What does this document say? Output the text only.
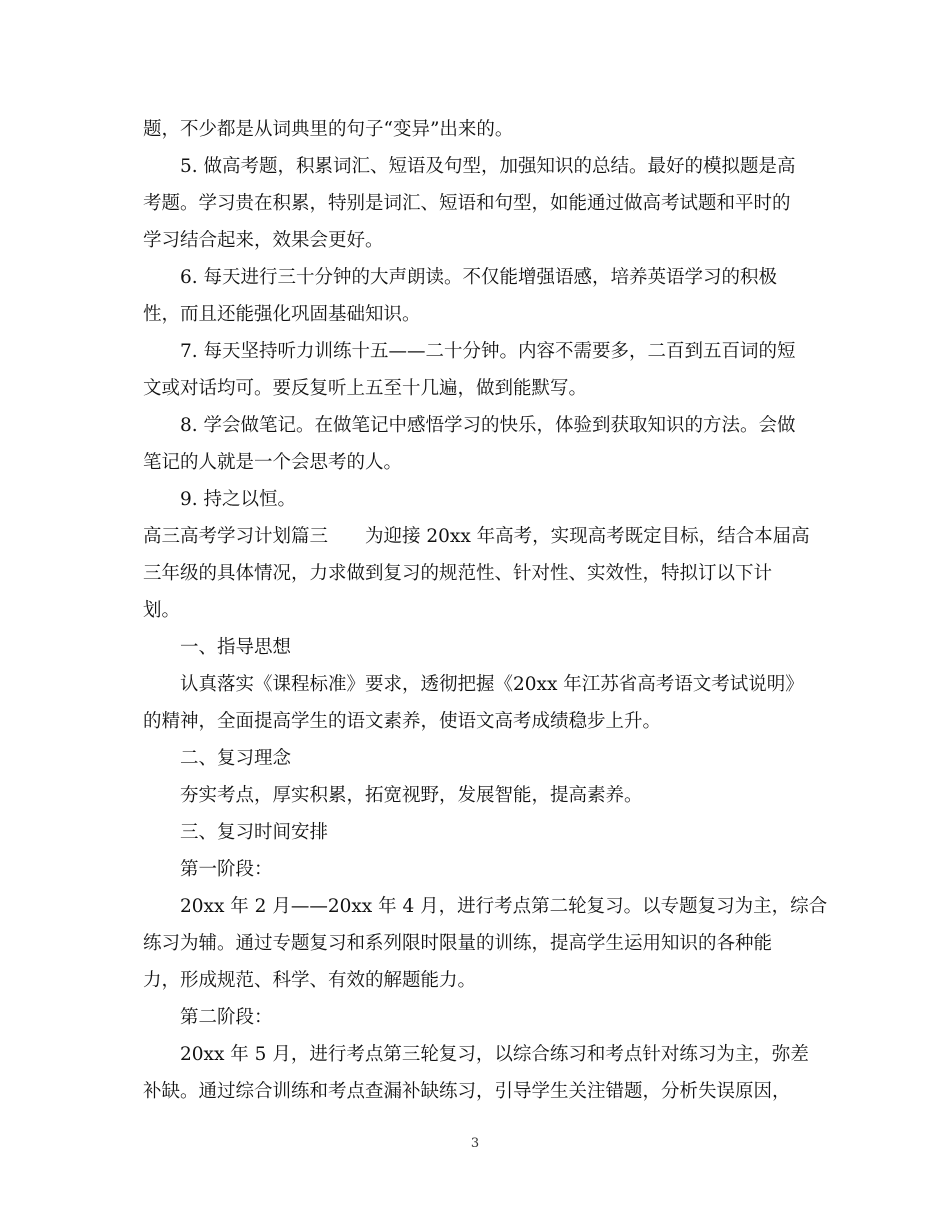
题，不少都是从词典里的句子“变异”出来的。
5. 做高考题，积累词汇、短语及句型，加强知识的总结。最好的模拟题是高
考题。学习贵在积累，特别是词汇、短语和句型，如能通过做高考试题和平时的
学习结合起来，效果会更好。
6. 每天进行三十分钟的大声朗读。不仅能增强语感，培养英语学习的积极
性，而且还能强化巩固基础知识。
7. 每天坚持听力训练十五——二十分钟。内容不需要多，二百到五百词的短
文或对话均可。要反复听上五至十几遍，做到能默写。
8. 学会做笔记。在做笔记中感悟学习的快乐，体验到获取知识的方法。会做
笔记的人就是一个会思考的人。
9. 持之以恒。
高三高考学习计划篇三　　为迎接 20xx 年高考，实现高考既定目标，结合本届高
三年级的具体情况，力求做到复习的规范性、针对性、实效性，特拟订以下计
划。
一、指导思想
认真落实《课程标准》要求，透彻把握《20xx 年江苏省高考语文考试说明》
的精神，全面提高学生的语文素养，使语文高考成绩稳步上升。
二、复习理念
夯实考点，厚实积累，拓宽视野，发展智能，提高素养。
三、复习时间安排
第一阶段：
20xx 年 2 月——20xx 年 4 月，进行考点第二轮复习。以专题复习为主，综合
练习为辅。通过专题复习和系列限时限量的训练，提高学生运用知识的各种能
力，形成规范、科学、有效的解题能力。
第二阶段：
20xx 年 5 月，进行考点第三轮复习，以综合练习和考点针对练习为主，弥差
补缺。通过综合训练和考点查漏补缺练习，引导学生关注错题，分析失误原因，
3
